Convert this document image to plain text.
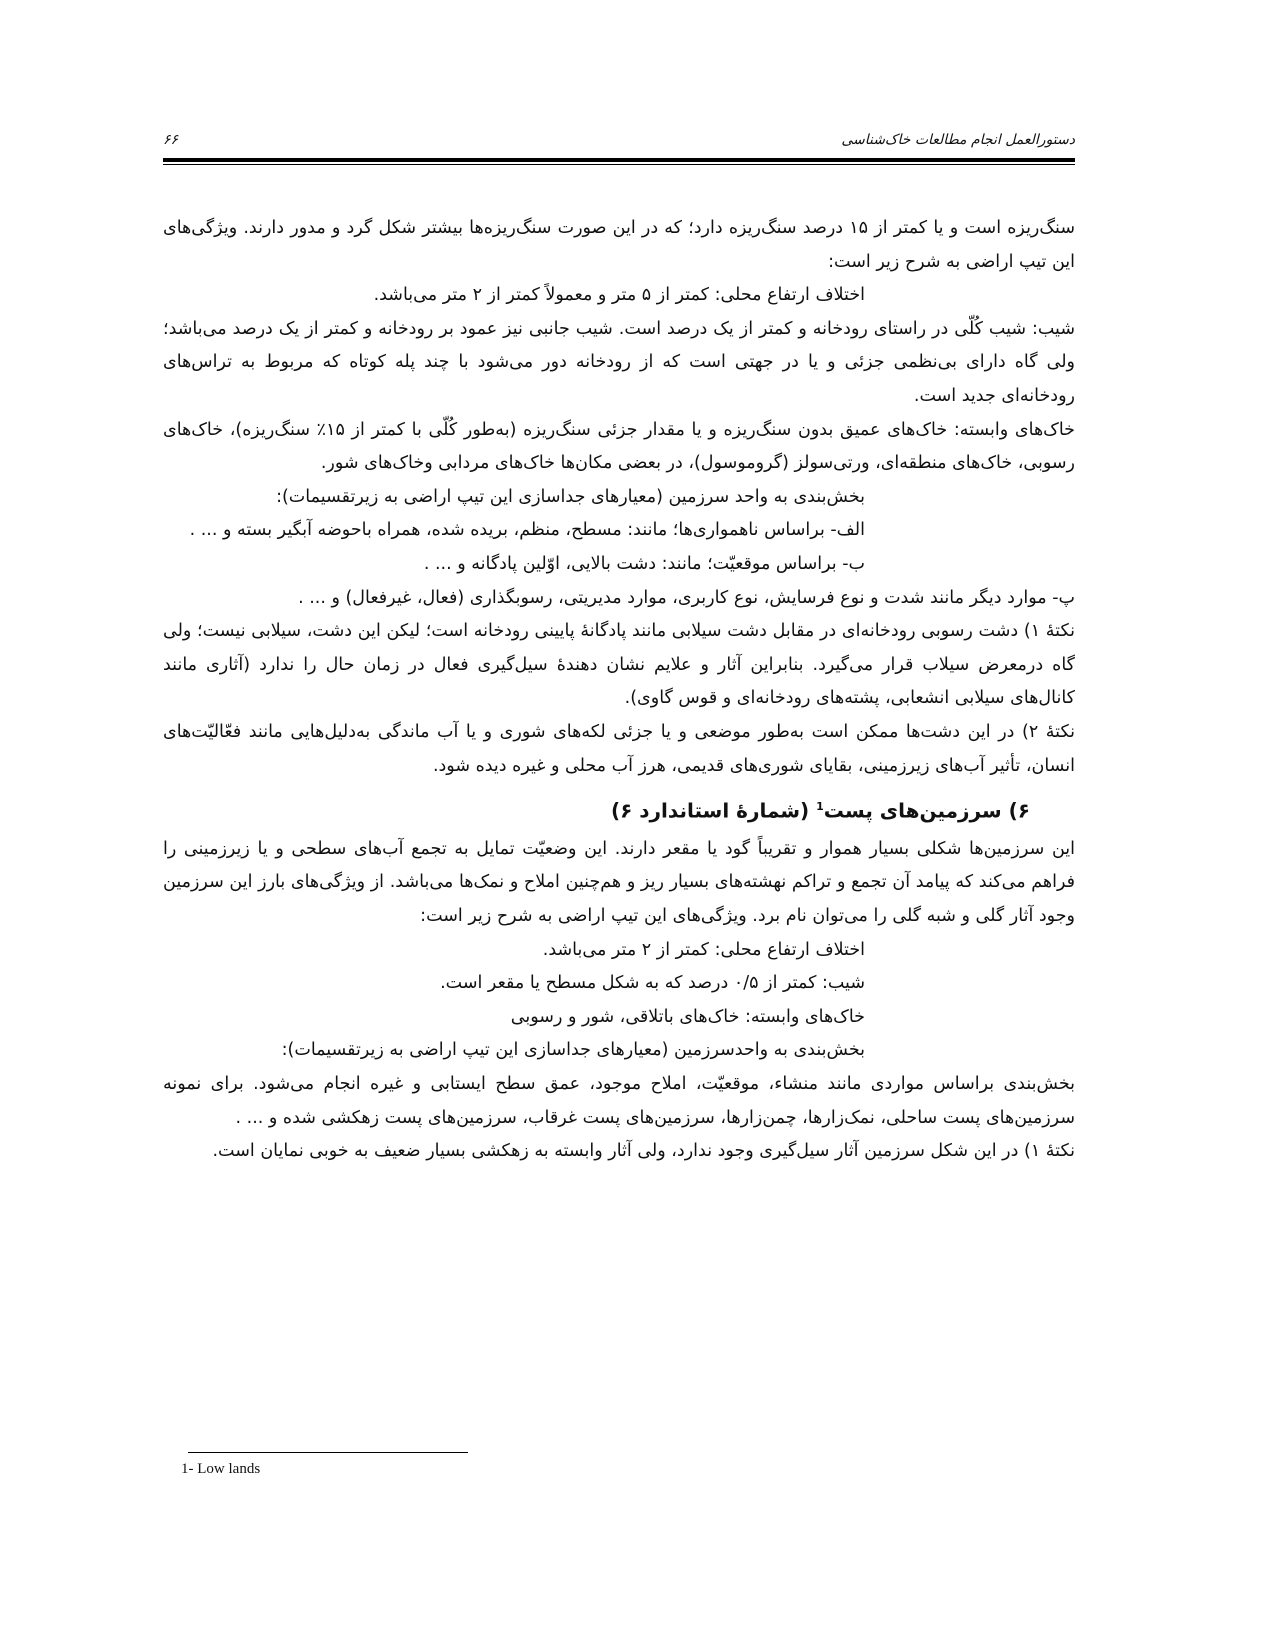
۶۶	دستورالعمل انجام مطالعات خاک‌شناسی

سنگ‌ریزه است و یا کمتر از ۱۵ درصد سنگ‌ریزه دارد؛ که در این صورت سنگ‌ریزه‌ها بیشتر شکل گرد و مدور دارند. ویژگی‌های این تیپ اراضی به شرح زیر است:

اختلاف ارتفاع محلی: کمتر از ۵ متر و معمولاً کمتر از ۲ متر می‌باشد.

شیب: شیب کُلّی در راستای رودخانه و کمتر از یک درصد است. شیب جانبی نیز عمود بر رودخانه و کمتر از یک درصد می‌باشد؛ ولی گاه دارای بی‌نظمی جزئی و یا در جهتی است که از رودخانه دور می‌شود با چند پله کوتاه که مربوط به تراس‌های رودخانه‌ای جدید است.

خاک‌های وابسته: خاک‌های عمیق بدون سنگ‌ریزه و یا مقدار جزئی سنگ‌ریزه (به‌طور کُلّی با کمتر از ۱۵٪ سنگ‌ریزه)، خاک‌های رسوبی، خاک‌های منطقه‌ای، ورتی‌سولز (گروموسول)، در بعضی مکان‌ها خاک‌های مردابی وخاک‌های شور.

بخش‌بندی به واحد سرزمین (معیارهای جداسازی این تیپ اراضی به زیرتقسیمات):

الف- براساس ناهمواری‌ها؛ مانند: مسطح، منظم، بریده شده، همراه باحوضه آبگیر بسته و ... .

ب- براساس موقعیّت؛ مانند: دشت بالایی، اوّلین پادگانه و ... .

پ- موارد دیگر مانند شدت و نوع فرسایش، نوع کاربری، موارد مدیریتی، رسوبگذاری (فعال، غیرفعال) و ... .

نکتهٔ ۱) دشت رسوبی رودخانه‌ای در مقابل دشت سیلابی مانند پادگانهٔ پایینی رودخانه است؛ لیکن این دشت، سیلابی نیست؛ ولی گاه درمعرض سیلاب قرار می‌گیرد. بنابراین آثار و علایم نشان دهندهٔ سیل‌گیری فعال در زمان حال را ندارد (آثاری مانند کانال‌های سیلابی انشعابی، پشته‌های رودخانه‌ای و قوس گاوی).

نکتهٔ ۲) در این دشت‌ها ممکن است به‌طور موضعی و یا جزئی لکه‌های شوری و یا آب ماندگی به‌دلیل‌هایی مانند فعّالیّت‌های انسان، تأثیر آب‌های زیرزمینی، بقایای شوری‌های قدیمی، هرز آب محلی و غیره دیده شود.

۶) سرزمین‌های پست$^1$ (شمارهٔ استاندارد ۶)

این سرزمین‌ها شکلی بسیار هموار و تقریباً گود یا مقعر دارند. این وضعیّت تمایل به تجمع آب‌های سطحی و یا زیرزمینی را فراهم می‌کند که پیامد آن تجمع و تراکم نهشته‌های بسیار ریز و هم‌چنین املاح و نمک‌ها می‌باشد. از ویژگی‌های بارز این سرزمین وجود آثار گلی و شبه گلی را می‌توان نام برد. ویژگی‌های این تیپ اراضی به شرح زیر است:

اختلاف ارتفاع محلی: کمتر از ۲ متر می‌باشد.

شیب: کمتر از ۰/۵ درصد که به شکل مسطح یا مقعر است.

خاک‌های وابسته: خاک‌های باتلاقی، شور و رسوبی

بخش‌بندی به واحدسرزمین (معیارهای جداسازی این تیپ اراضی به زیرتقسیمات):

بخش‌بندی براساس مواردی مانند منشاء، موقعیّت، املاح موجود، عمق سطح ایستابی و غیره انجام می‌شود. برای نمونه سرزمین‌های پست ساحلی، نمک‌زارها، چمن‌زارها، سرزمین‌های پست غرقاب، سرزمین‌های پست زهکشی شده و ... .

نکتهٔ ۱) در این شکل سرزمین آثار سیل‌گیری وجود ندارد، ولی آثار وابسته به زهکشی بسیار ضعیف به خوبی نمایان است.

1- Low lands
